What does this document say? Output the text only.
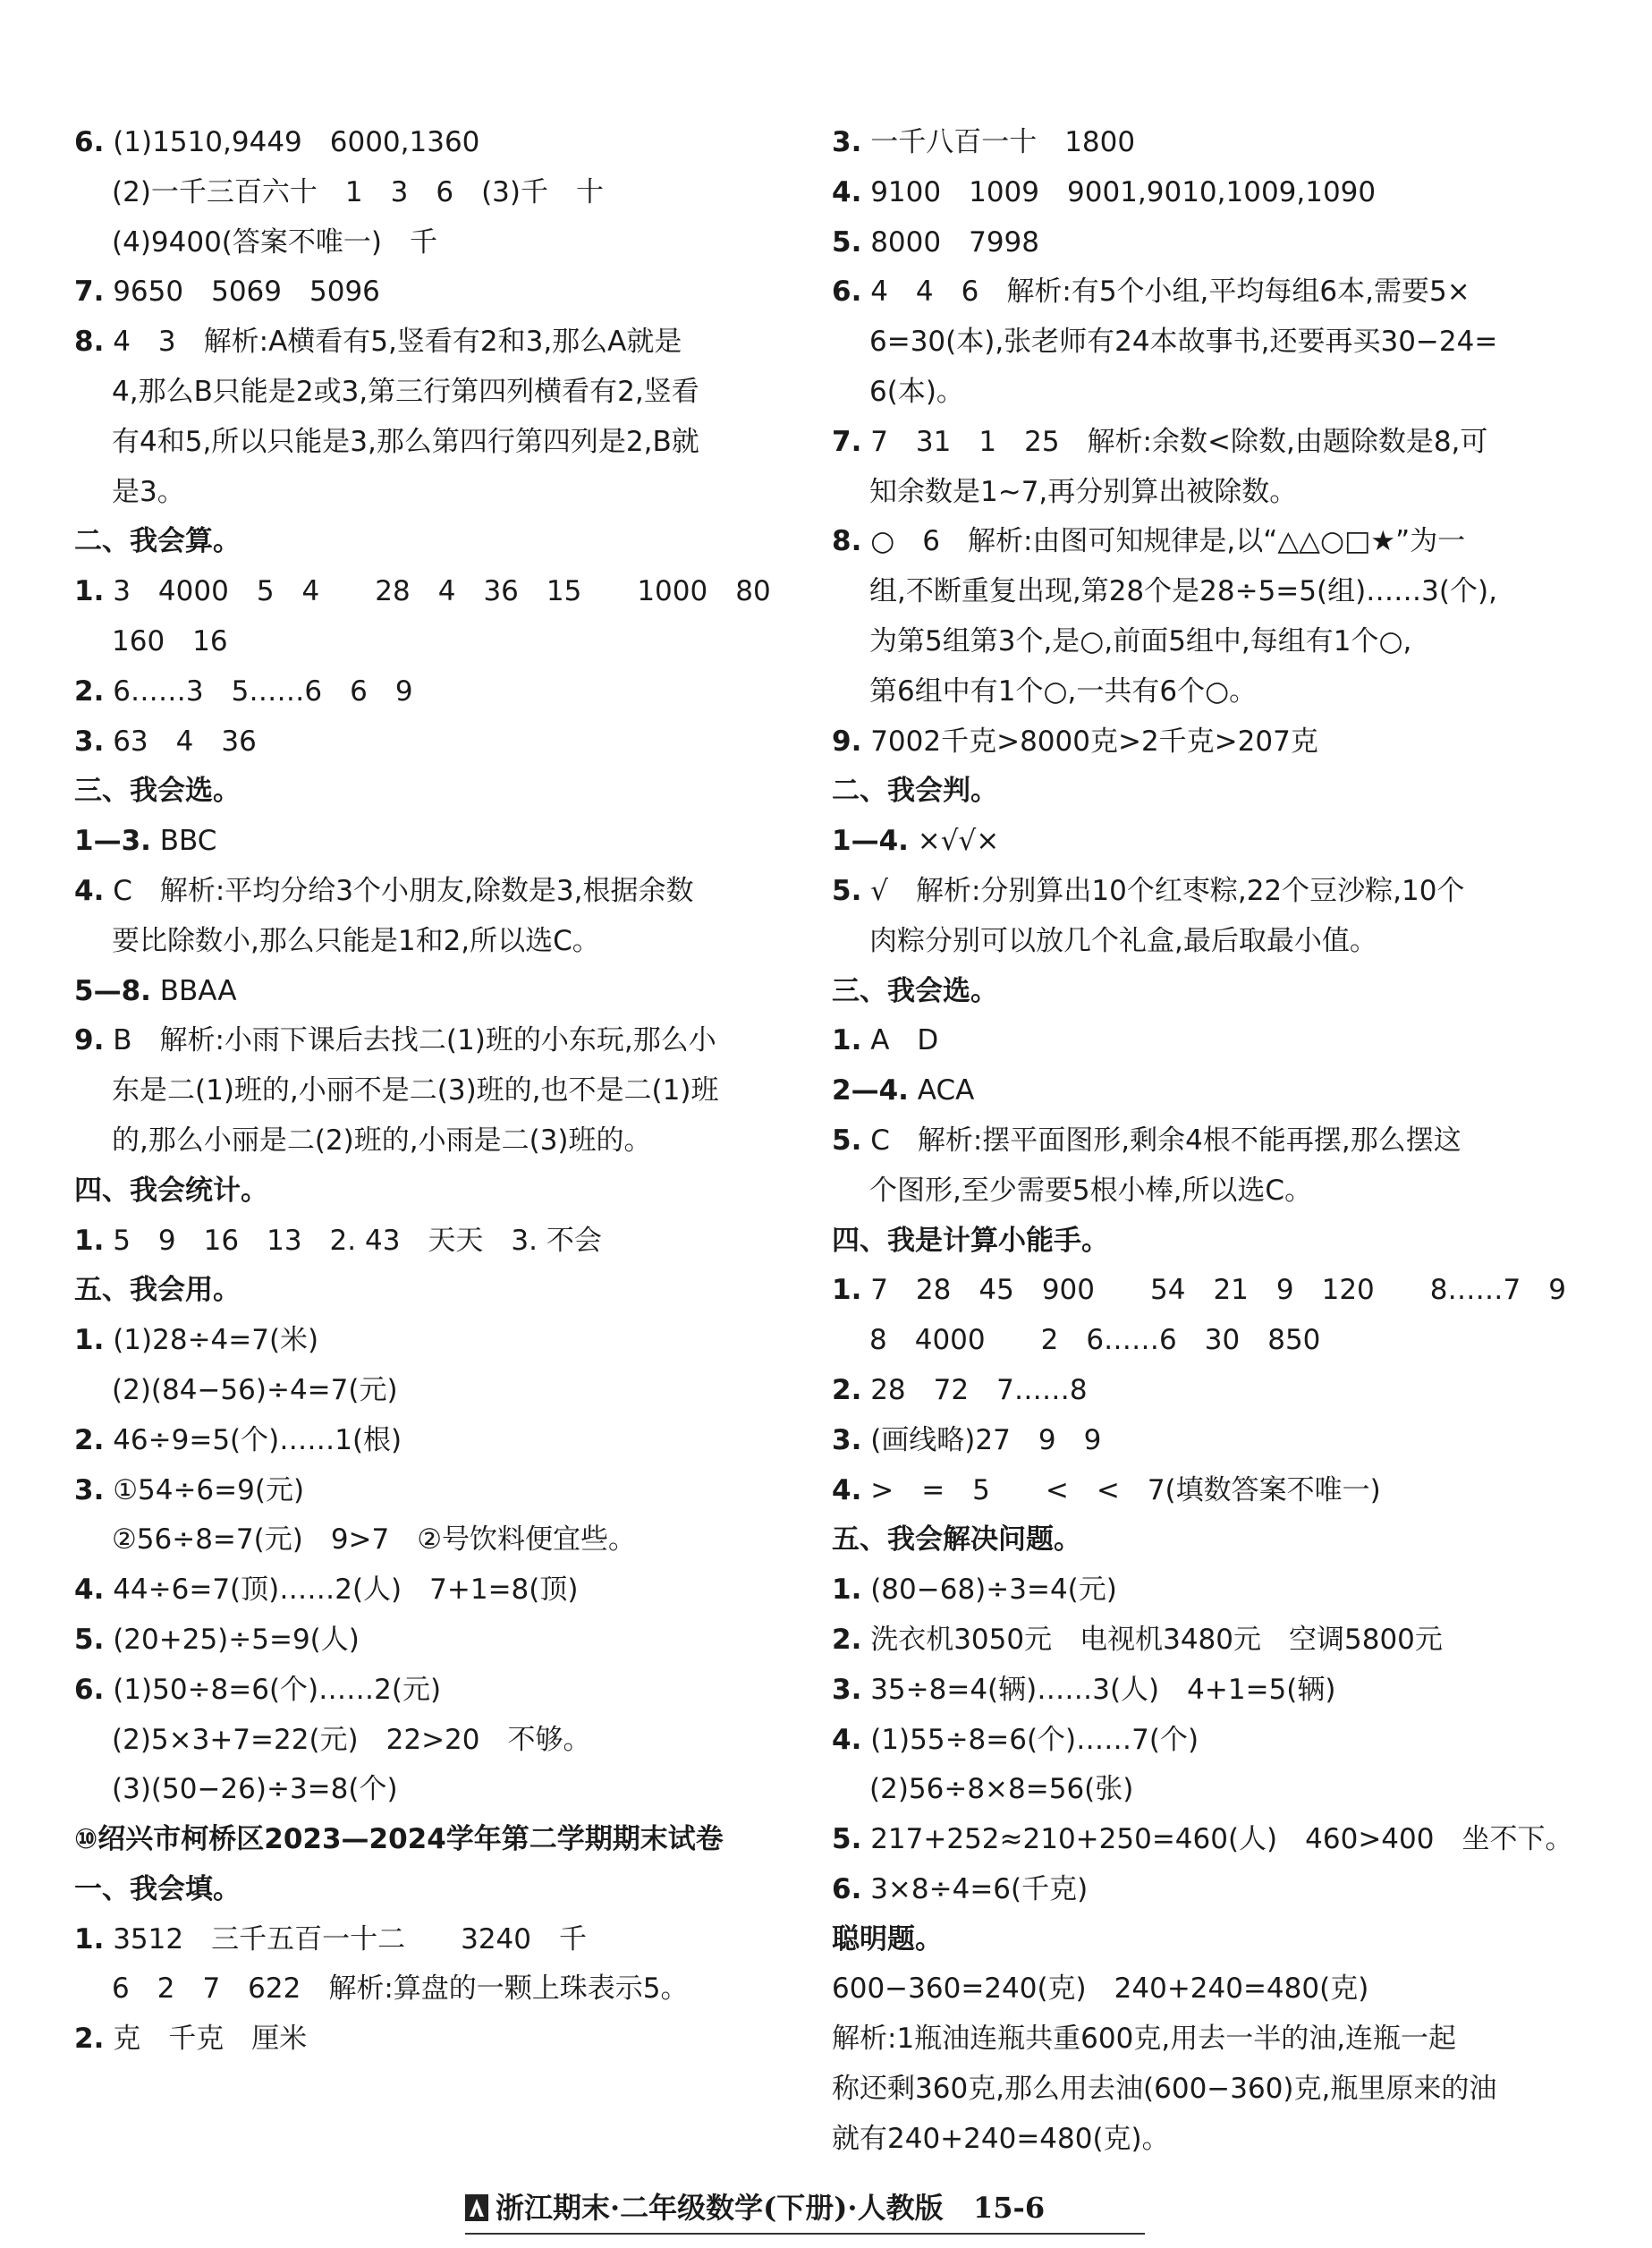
6. (1)1510,9449　6000,1360
(2)一千三百六十　1　3　6　(3)千　十
(4)9400(答案不唯一)　千
7. 9650　5069　5096
8. 4　3　解析:A横看有5,竖看有2和3,那么A就是
4,那么B只能是2或3,第三行第四列横看有2,竖看
有4和5,所以只能是3,那么第四行第四列是2,B就
是3。
二、我会算。
1. 3　4000　5　4　　28　4　36　15　　1000　80
160　16
2. 6……3　5……6　6　9
3. 63　4　36
三、我会选。
1—3. BBC
4. C　解析:平均分给3个小朋友,除数是3,根据余数
要比除数小,那么只能是1和2,所以选C。
5—8. BBAA
9. B　解析:小雨下课后去找二(1)班的小东玩,那么小
东是二(1)班的,小丽不是二(3)班的,也不是二(1)班
的,那么小丽是二(2)班的,小雨是二(3)班的。
四、我会统计。
1. 5　9　16　13　2. 43　天天　3. 不会
五、我会用。
1. (1)28÷4=7(米)
(2)(84−56)÷4=7(元)
2. 46÷9=5(个)……1(根)
3. ①54÷6=9(元)
②56÷8=7(元)　9>7　②号饮料便宜些。
4. 44÷6=7(顶)……2(人)　7+1=8(顶)
5. (20+25)÷5=9(人)
6. (1)50÷8=6(个)……2(元)
(2)5×3+7=22(元)　22>20　不够。
(3)(50−26)÷3=8(个)
⑩绍兴市柯桥区2023—2024学年第二学期期末试卷
一、我会填。
1. 3512　三千五百一十二　　3240　千
6　2　7　622　解析:算盘的一颗上珠表示5。
2. 克　千克　厘米
3. 一千八百一十　1800
4. 9100　1009　9001,9010,1009,1090
5. 8000　7998
6. 4　4　6　解析:有5个小组,平均每组6本,需要5×
6=30(本),张老师有24本故事书,还要再买30−24=
6(本)。
7. 7　31　1　25　解析:余数<除数,由题除数是8,可
知余数是1~7,再分别算出被除数。
8. ○　6　解析:由图可知规律是,以“△△○□★”为一
组,不断重复出现,第28个是28÷5=5(组)……3(个),
为第5组第3个,是○,前面5组中,每组有1个○,
第6组中有1个○,一共有6个○。
9. 7002千克>8000克>2千克>207克
二、我会判。
1—4. ×√√×
5. √　解析:分别算出10个红枣粽,22个豆沙粽,10个
肉粽分别可以放几个礼盒,最后取最小值。
三、我会选。
1. A　D
2—4. ACA
5. C　解析:摆平面图形,剩余4根不能再摆,那么摆这
个图形,至少需要5根小棒,所以选C。
四、我是计算小能手。
1. 7　28　45　900　　54　21　9　120　　8……7　9
8　4000　　2　6……6　30　850
2. 28　72　7……8
3. (画线略)27　9　9
4. >　=　5　　<　<　7(填数答案不唯一)
五、我会解决问题。
1. (80−68)÷3=4(元)
2. 洗衣机3050元　电视机3480元　空调5800元
3. 35÷8=4(辆)……3(人)　4+1=5(辆)
4. (1)55÷8=6(个)……7(个)
(2)56÷8×8=56(张)
5. 217+252≈210+250=460(人)　460>400　坐不下。
6. 3×8÷4=6(千克)
聪明题。
600−360=240(克)　240+240=480(克)
解析:1瓶油连瓶共重600克,用去一半的油,连瓶一起
称还剩360克,那么用去油(600−360)克,瓶里原来的油
就有240+240=480(克)。
浙江期末·二年级数学(下册)·人教版 15-6
